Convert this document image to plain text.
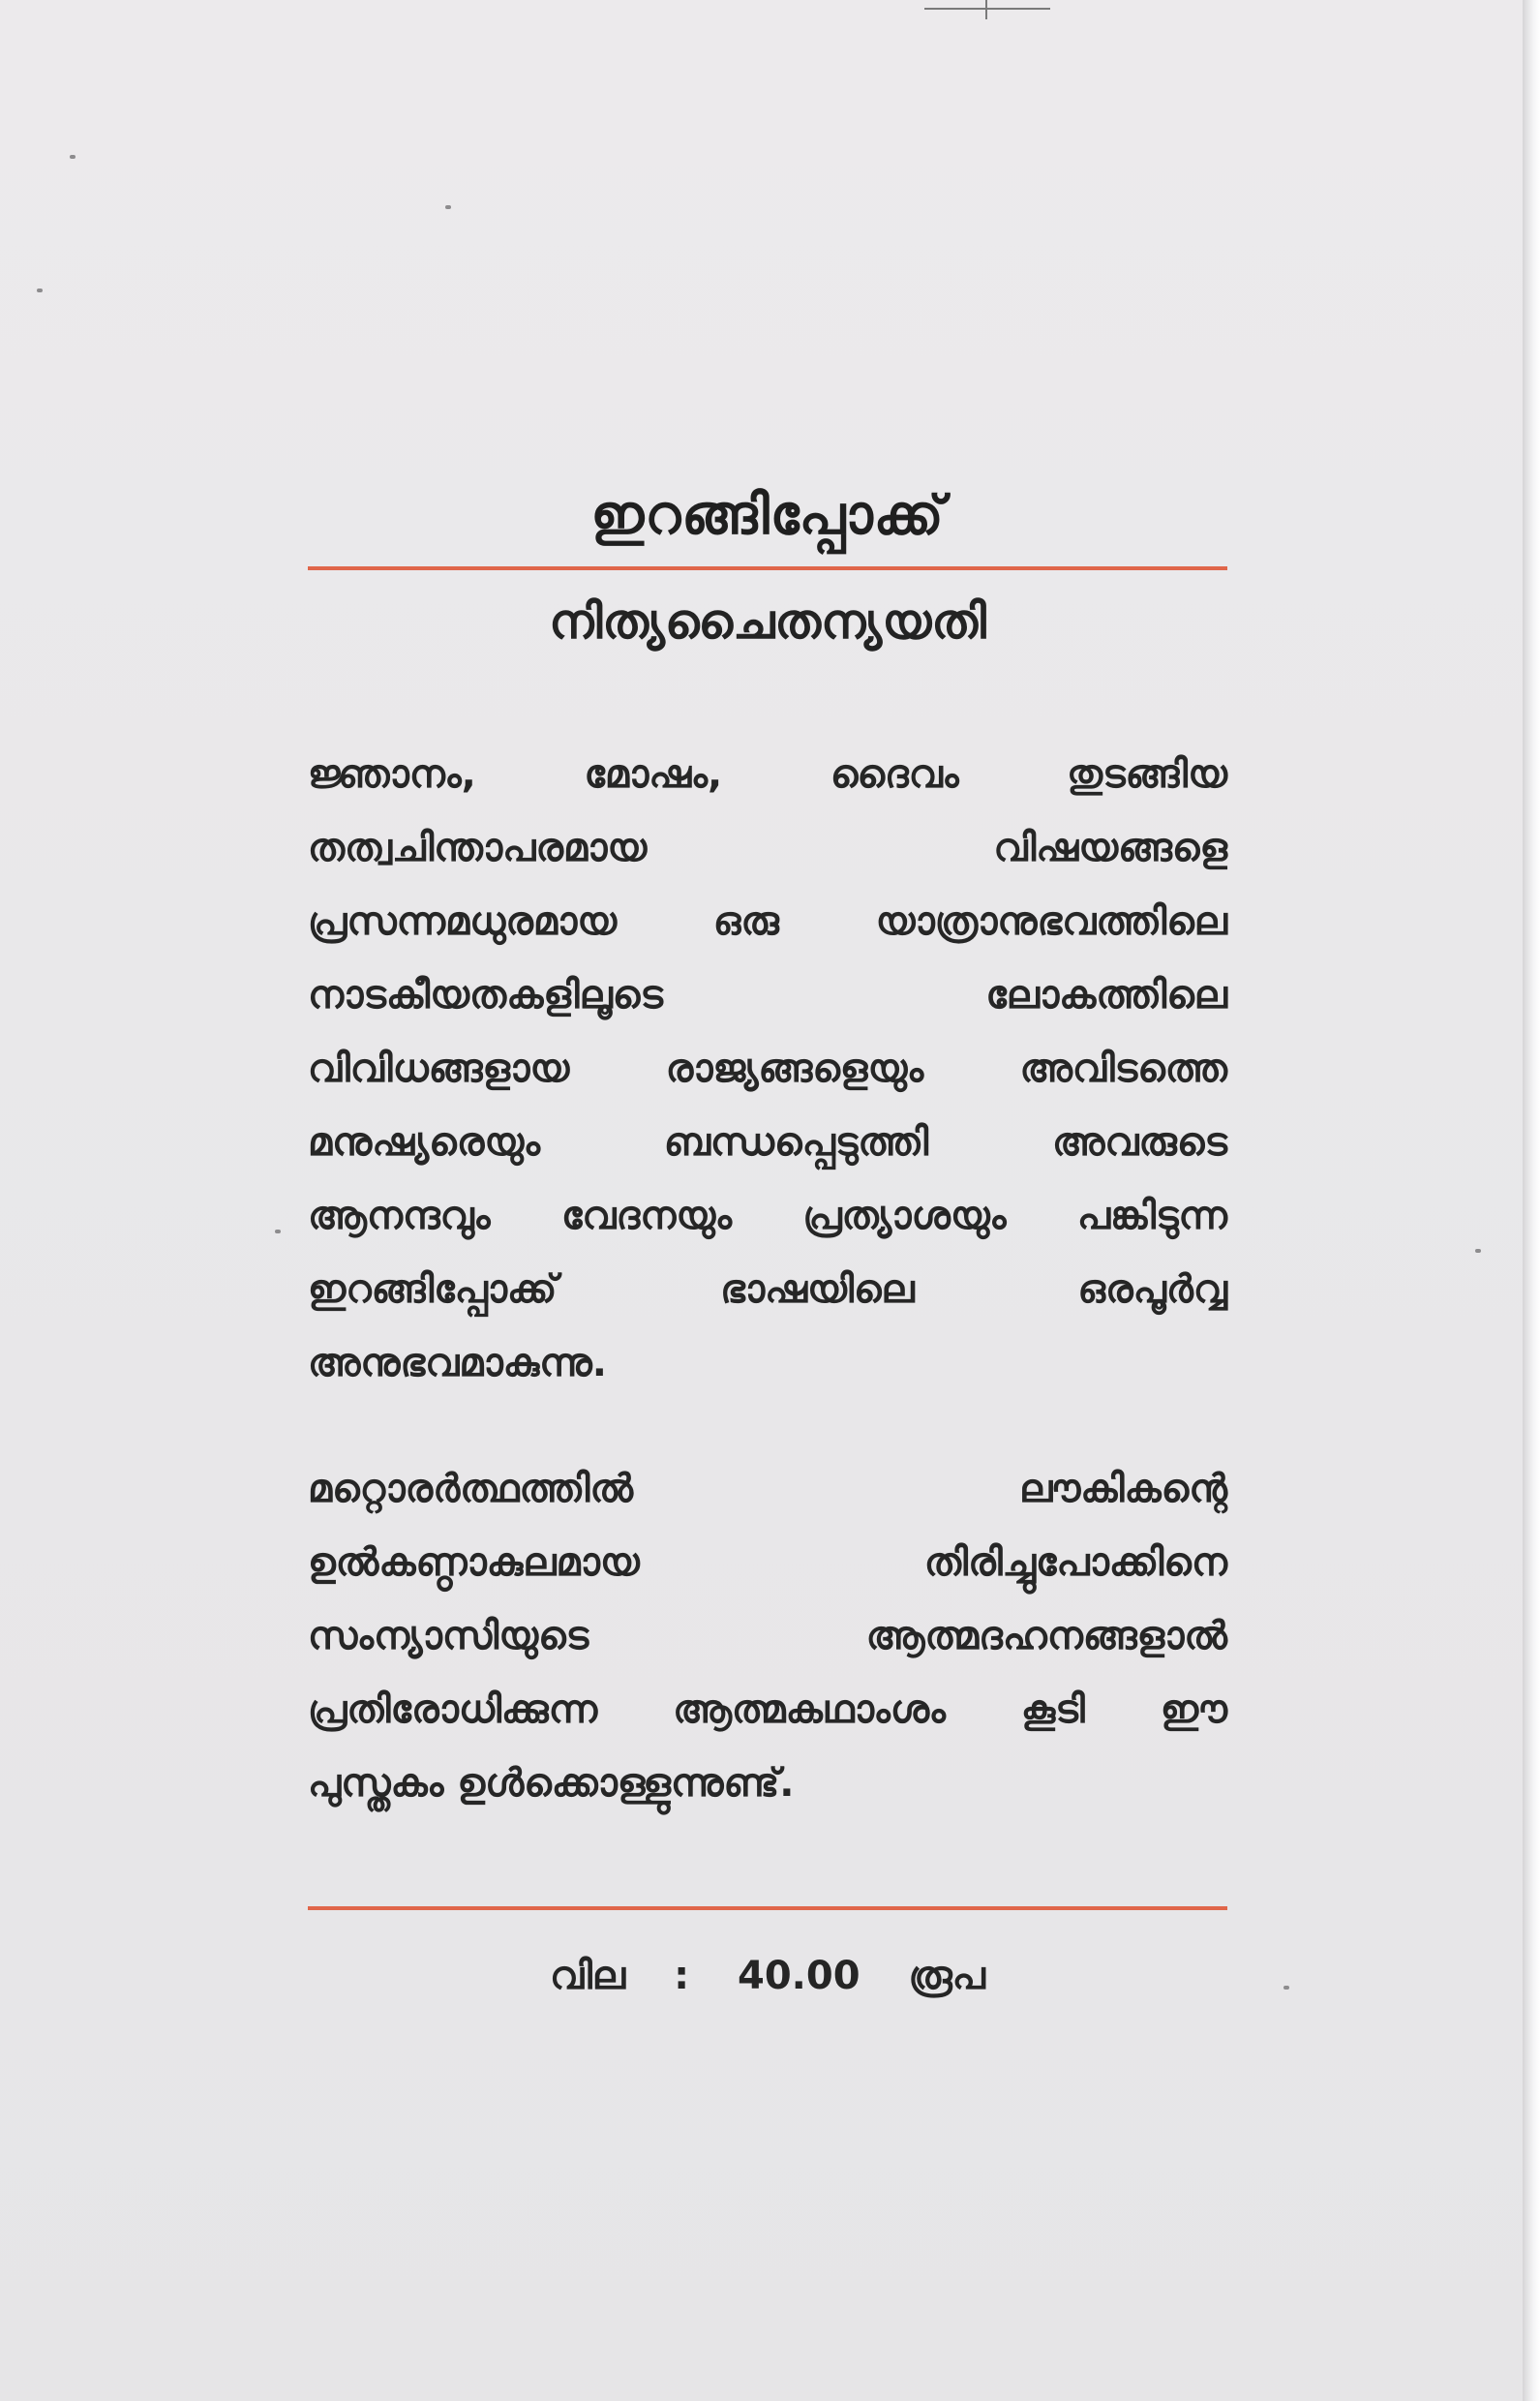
ഇറങ്ങിപ്പോക്ക്
നിത്യചൈതന്യയതി
ജ്ഞാനം, മോഷം, ദൈവം തുടങ്ങിയ
തത്വചിന്താപരമായ വിഷയങ്ങളെ
പ്രസന്നമധുരമായ ഒരു യാത്രാനുഭവത്തിലെ
നാടകീയതകളിലൂടെ ലോകത്തിലെ
വിവിധങ്ങളായ രാജ്യങ്ങളെയും അവിടത്തെ
മനുഷ്യരെയും ബന്ധപ്പെടുത്തി അവരുടെ
ആനന്ദവും വേദനയും പ്രത്യാശയും പങ്കിടുന്ന
ഇറങ്ങിപ്പോക്ക് ഭാഷയിലെ ഒരപൂർവ്വ
അനുഭവമാകുന്നു.
മറ്റൊരർത്ഥത്തിൽ ലൗകികന്റെ
ഉൽകണ്ഠാകുലമായ തിരിച്ചുപോക്കിനെ
സംന്യാസിയുടെ ആത്മദഹനങ്ങളാൽ
പ്രതിരോധിക്കുന്ന ആത്മകഥാംശം കൂടി ഈ
പുസ്തകം ഉൾക്കൊള്ളുന്നുണ്ട്.
വില : 40.00 രൂപ
